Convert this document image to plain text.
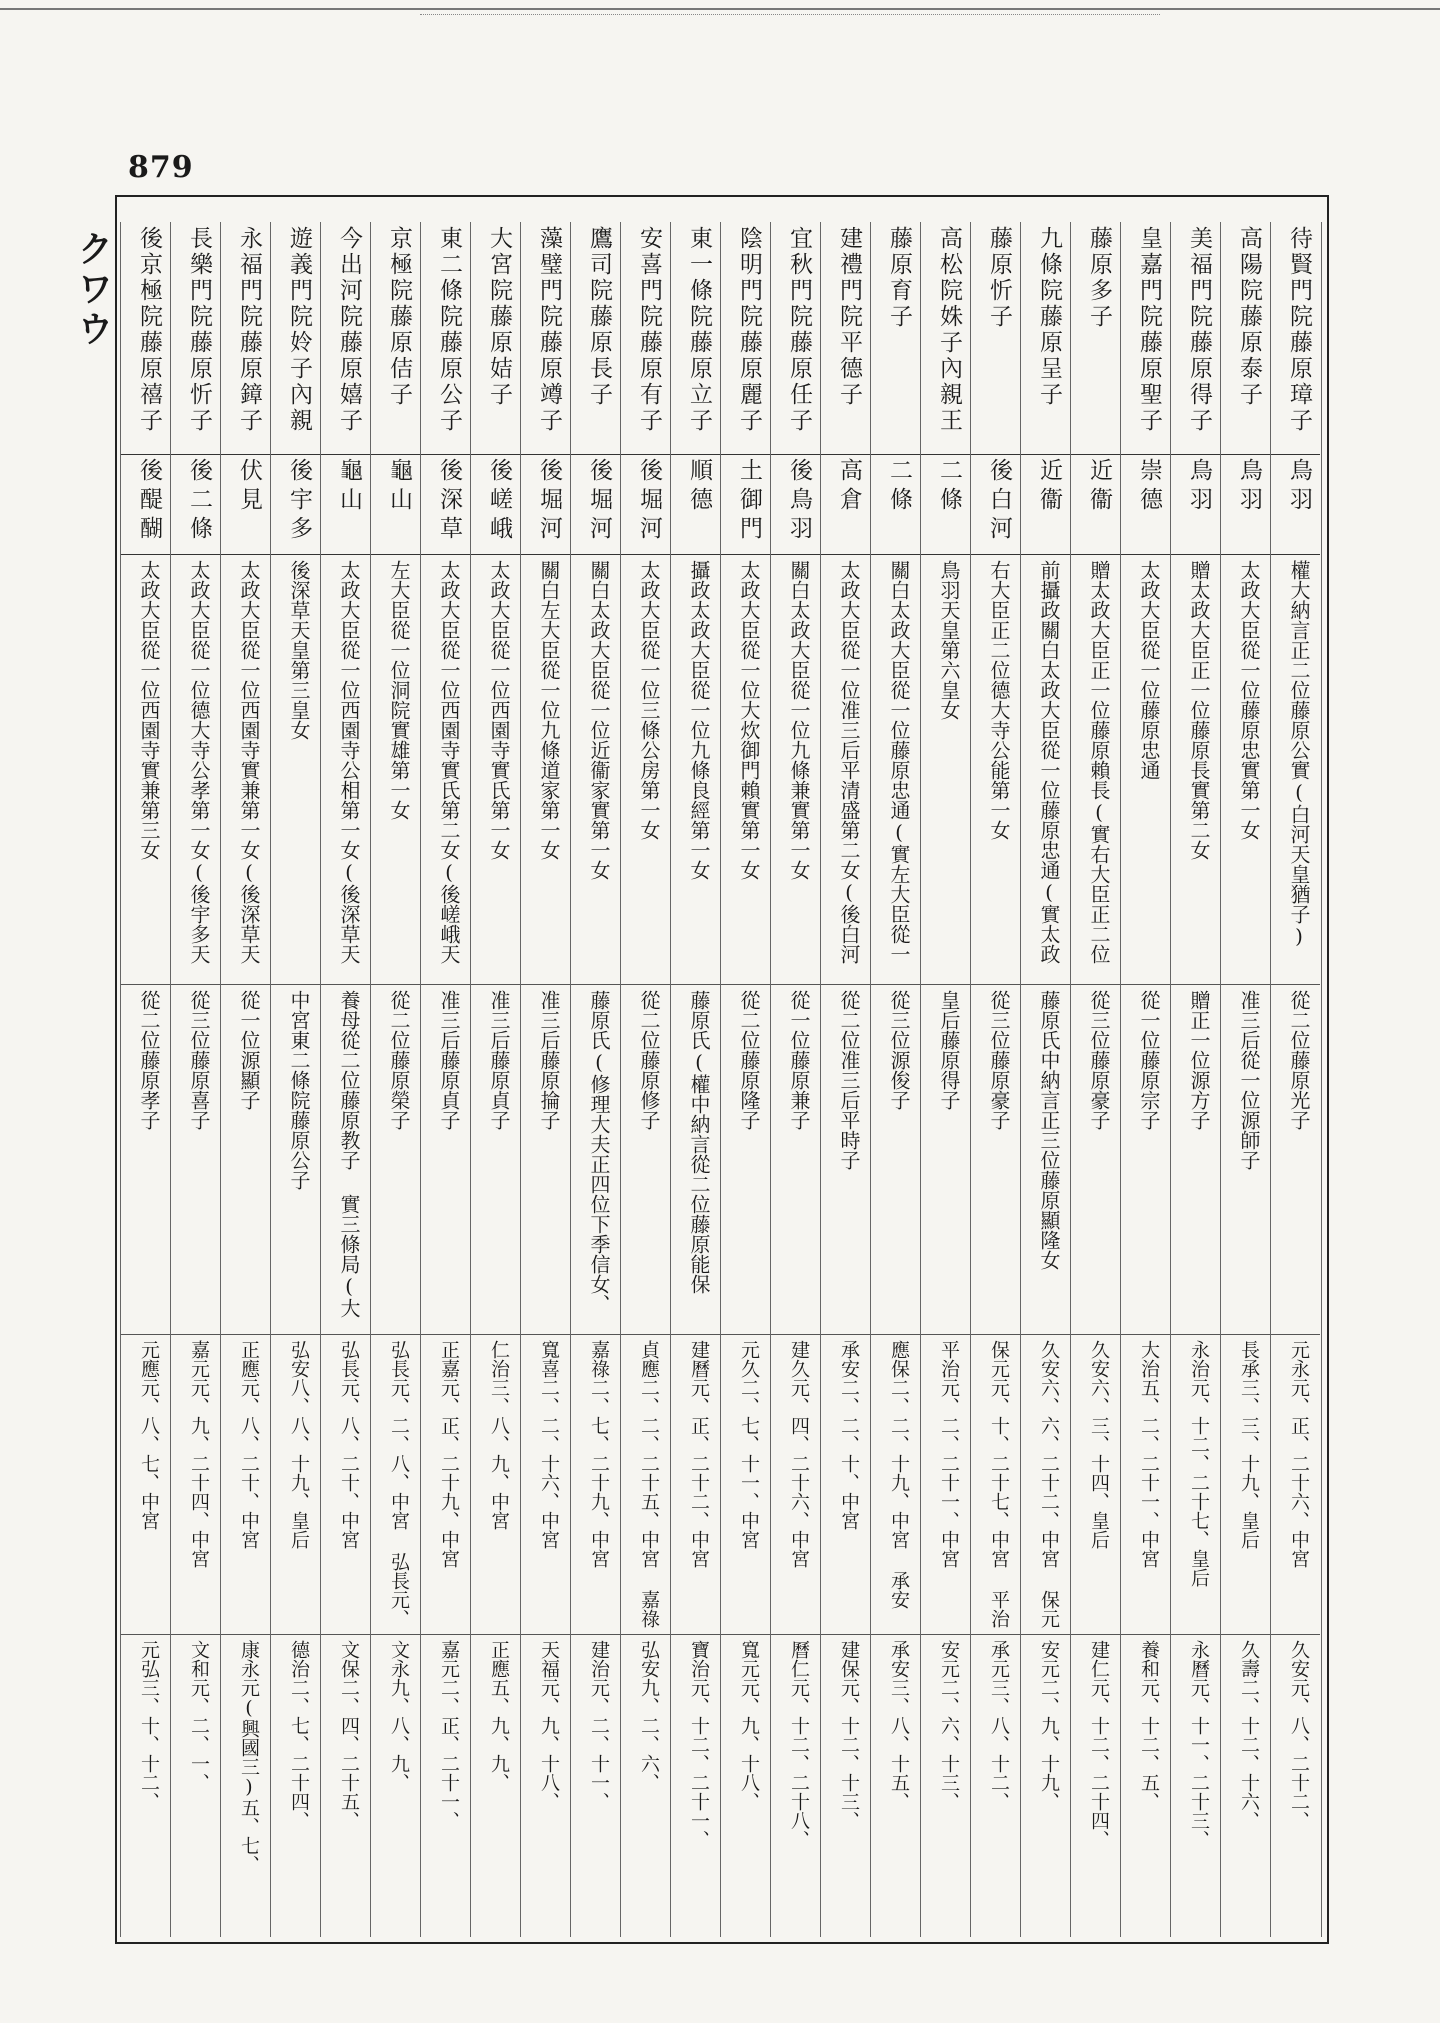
879
クワウ	待賢門院藤原璋子
鳥羽
權大納言正二位藤原公實(白河天皇猶子)
從二位藤原光子
元永元、正、二十六、中宮
久安元、八、二十二、
高陽院藤原泰子
鳥羽
太政大臣從一位藤原忠實第一女
准三后從一位源師子
長承三、三、十九、皇后
久壽二、十二、十六、
美福門院藤原得子
鳥羽
贈太政大臣正一位藤原長實第二女
贈正一位源方子
永治元、十二、二十七、皇后
永曆元、十一、二十三、
皇嘉門院藤原聖子
崇德
太政大臣從一位藤原忠通
從一位藤原宗子
大治五、二、二十一、中宮
養和元、十二、五、
藤原多子
近衞
贈太政大臣正一位藤原賴長(實右大臣正二位
從三位藤原豪子
久安六、三、十四、皇后
建仁元、十二、二十四、
九條院藤原呈子
近衞
前攝政關白太政大臣從一位藤原忠通(實太政
藤原氏中納言正三位藤原顯隆女
久安六、六、二十二、中宮 保元
安元二、九、十九、
藤原忻子
後白河
右大臣正二位德大寺公能第一女
從三位藤原豪子
保元元、十、二十七、中宮 平治
承元三、八、十二、
高松院姝子內親王
二條
鳥羽天皇第六皇女
皇后藤原得子
平治元、二、二十一、中宮
安元二、六、十三、
藤原育子
二條
關白太政大臣從一位藤原忠通(實左大臣從一
從三位源俊子
應保二、二、十九、中宮 承安
承安三、八、十五、
建禮門院平德子
高倉
太政大臣從一位准三后平清盛第二女(後白河
從二位准三后平時子
承安二、二、十、中宮
建保元、十二、十三、
宜秋門院藤原任子
後鳥羽
關白太政大臣從一位九條兼實第一女
從一位藤原兼子
建久元、四、二十六、中宮
曆仁元、十二、二十八、
陰明門院藤原麗子
土御門
太政大臣從一位大炊御門賴實第一女
從二位藤原隆子
元久二、七、十一、中宮
寬元元、九、十八、
東一條院藤原立子
順德
攝政太政大臣從一位九條良經第一女
藤原氏(權中納言從二位藤原能保
建曆元、正、二十二、中宮
寶治元、十二、二十一、
安喜門院藤原有子
後堀河
太政大臣從一位三條公房第一女
從二位藤原修子
貞應二、二、二十五、中宮 嘉祿
弘安九、二、六、
鷹司院藤原長子
後堀河
關白太政大臣從一位近衞家實第一女
藤原氏(修理大夫正四位下季信女、
嘉祿二、七、二十九、中宮
建治元、二、十一、
藻璧門院藤原竴子
後堀河
關白左大臣從一位九條道家第一女
准三后藤原掄子
寬喜二、二、十六、中宮
天福元、九、十八、
大宮院藤原姞子
後嵯峨
太政大臣從一位西園寺實氏第一女
准三后藤原貞子
仁治三、八、九、中宮
正應五、九、九、
東二條院藤原公子
後深草
太政大臣從一位西園寺實氏第二女(後嵯峨天
准三后藤原貞子
正嘉元、正、二十九、中宮
嘉元二、正、二十一、
京極院藤原佶子
龜山
左大臣從一位洞院實雄第一女
從二位藤原榮子
弘長元、二、八、中宮 弘長元、
文永九、八、九、
今出河院藤原嬉子
龜山
太政大臣從一位西園寺公相第一女(後深草天
養母從二位藤原教子 實三條局(大
弘長元、八、二十、中宮
文保二、四、二十五、
遊義門院姈子內親
後宇多
後深草天皇第三皇女
中宮東二條院藤原公子
弘安八、八、十九、皇后
德治二、七、二十四、
永福門院藤原鏱子
伏見
太政大臣從一位西園寺實兼第一女(後深草天
從一位源顯子
正應元、八、二十、中宮
康永元(興國三)五、七、
長樂門院藤原忻子
後二條
太政大臣從一位德大寺公孝第一女(後宇多天
從三位藤原喜子
嘉元元、九、二十四、中宮
文和元、二、一、
後京極院藤原禧子
後醍醐
太政大臣從一位西園寺實兼第三女
從二位藤原孝子
元應元、八、七、中宮
元弘三、十、十二、
